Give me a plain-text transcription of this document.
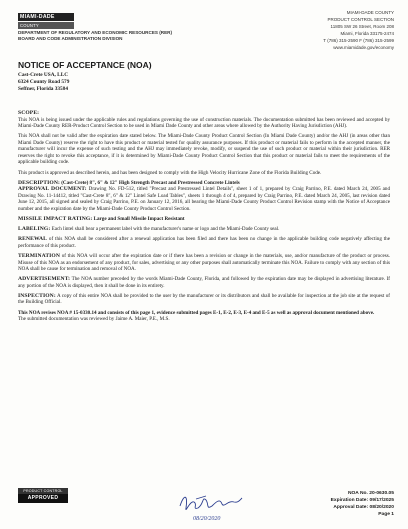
MIAMI-DADE
COUNTY
DEPARTMENT OF REGULATORY AND ECONOMIC RESOURCES (RER)
BOARD AND CODE ADMINISTRATION DIVISION
MIAMI-DADE COUNTY
PRODUCT CONTROL SECTION
11805 SW 26 Street, Room 208
Miami, Florida 33175-2474
T (786) 315-2590 F (786) 315-2599
www.miamidade.gov/economy
NOTICE OF ACCEPTANCE (NOA)
Cast-Crete USA, LLC
6324 County Road 579
Seffner, Florida 33584

SCOPE:
This NOA is being issued under the applicable rules and regulations governing the use of construction materials. The documentation submitted has been reviewed and accepted by Miami-Dade County RER-Product Control Section to be used in Miami Dade County and other areas where allowed by the Authority Having Jurisdiction (AHJ).

This NOA shall not be valid after the expiration date stated below. The Miami-Dade County Product Control Section (In Miami Dade County) and/or the AHJ (in areas other than Miami Dade County) reserve the right to have this product or material tested for quality assurance purposes. If this product or material fails to perform in the accepted manner, the manufacturer will incur the expense of such testing and the AHJ may immediately revoke, modify, or suspend the use of such product or material within their jurisdiction. RER reserves the right to revoke this acceptance, if it is determined by Miami-Dade County Product Control Section that this product or material fails to meet the requirements of the applicable building code.

This product is approved as described herein, and has been designed to comply with the High Velocity Hurricane Zone of the Florida Building Code.

DESCRIPTION: (Cast-Crete) 8", 6" & 12" High Strength Precast and Prestressed Concrete Lintels
APPROVAL DOCUMENT: Drawing No. FD-512, titled "Precast and Prestressed Lintel Details", sheet 1 of 1, prepared by Craig Parrino, P.E. dated March 24, 2005 and Drawing No. 11-14412, titled "Cast-Crete 8", 6" & 12" Lintel Safe Load Tables", sheets 1 through 4 of 4, prepared by Craig Parrino, P.E. dated March 24, 2005, last revision dated June 12, 2015, all signed and sealed by Craig Parrino, P.E. on January 12, 2016, all bearing the Miami-Dade County Product Control Revision stamp with the Notice of Acceptance number and the expiration date by the Miami-Dade County Product Control Section.

MISSILE IMPACT RATING: Large and Small Missile Impact Resistant

LABELING: Each lintel shall bear a permanent label with the manufacturer's name or logo and the Miami-Dade County seal.

RENEWAL of this NOA shall be considered after a renewal application has been filed and there has been no change in the applicable building code negatively affecting the performance of this product.

TERMINATION of this NOA will occur after the expiration date or if there has been a revision or change in the materials, use, and/or manufacture of the product or process. Misuse of this NOA as an endorsement of any product, for sales, advertising or any other purposes shall automatically terminate this NOA. Failure to comply with any section of this NOA shall be cause for termination and removal of NOA.

ADVERTISEMENT: The NOA number preceded by the words Miami-Dade County, Florida, and followed by the expiration date may be displayed in advertising literature. If any portion of the NOA is displayed, then it shall be done in its entirety.

INSPECTION: A copy of this entire NOA shall be provided to the user by the manufacturer or its distributors and shall be available for inspection at the job site at the request of the Building Official.

This NOA revises NOA # 15-0330.14 and consists of this page 1, evidence submitted pages E-1, E-2, E-3, E-4 and E-5 as well as approval document mentioned above.
The submitted documentation was reviewed by Jaime A. Maier, P.E., M.S.

PRODUCT CONTROL
APPROVED
08/20/2020
NOA No. 20-0630.05
Expiration Date: 09/17/2025
Approval Date: 08/20/2020
Page 1
